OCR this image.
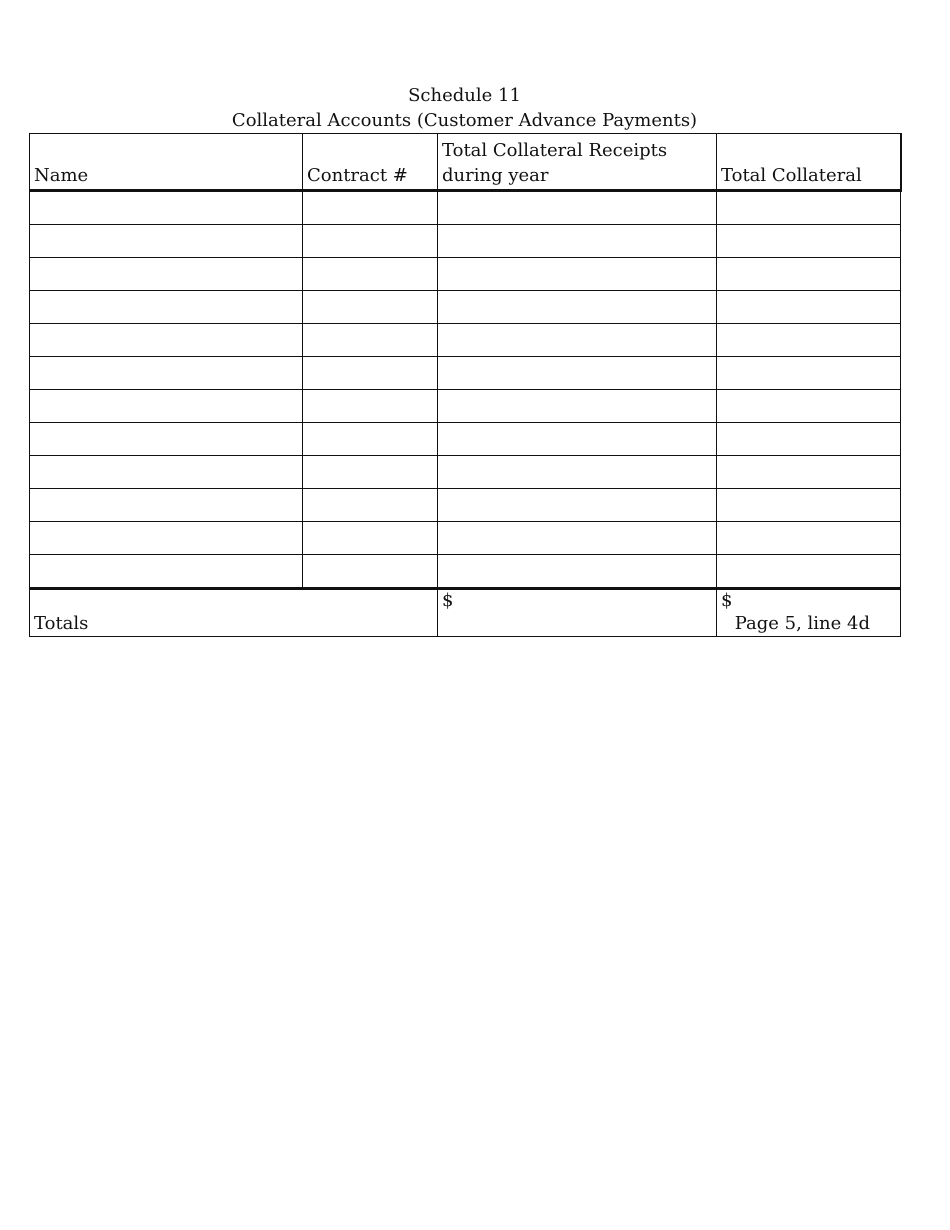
Schedule 11
Collateral Accounts (Customer Advance Payments)
Name	Contract #	Total Collateral Receipts during year	Total Collateral

Totals		$	$
Page 5, line 4d
